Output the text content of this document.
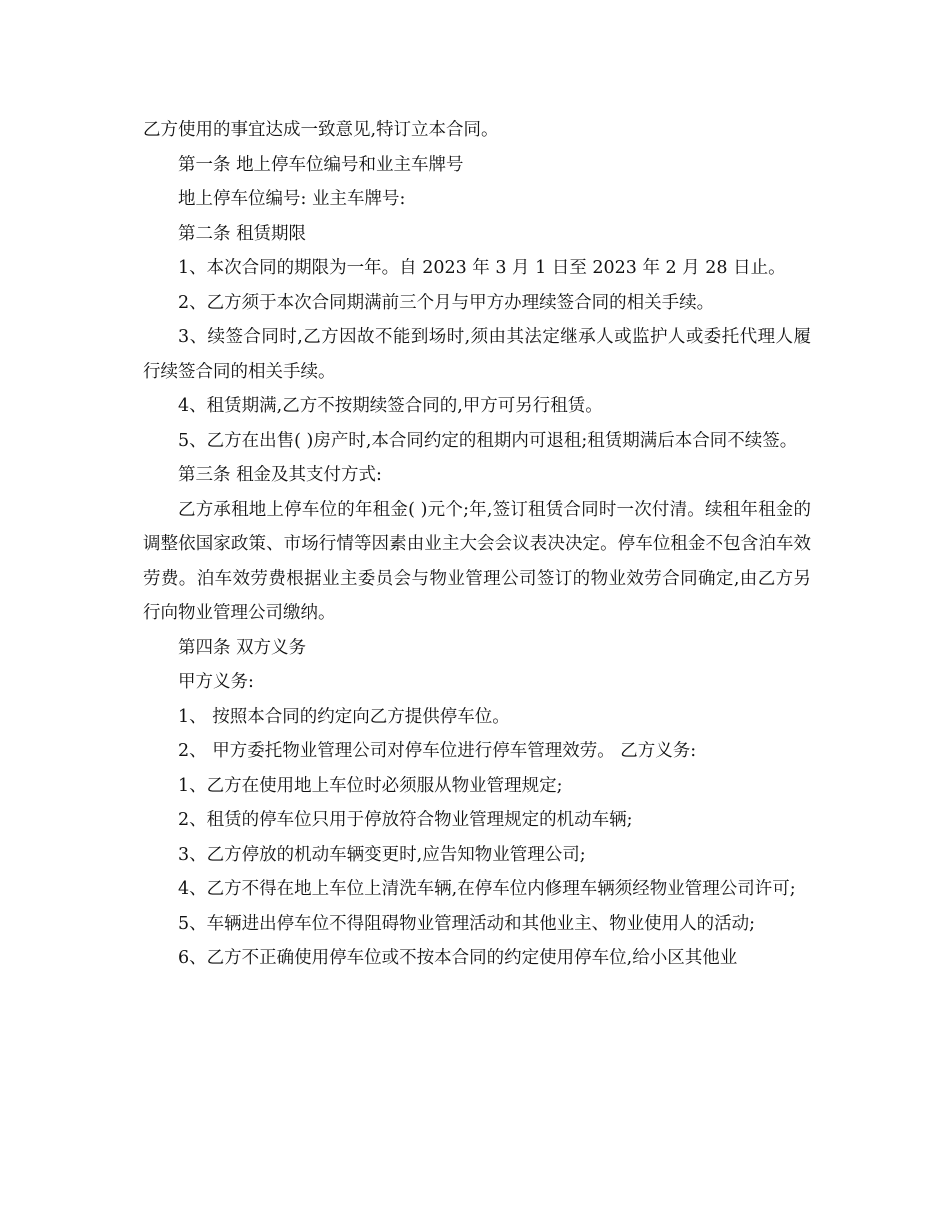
乙方使用的事宜达成一致意见,特订立本合同。

第一条 地上停车位编号和业主车牌号

地上停车位编号: 业主车牌号:

第二条 租赁期限

1、本次合同的期限为一年。自 2023 年 3 月 1 日至 2023 年 2 月 28 日止。

2、乙方须于本次合同期满前三个月与甲方办理续签合同的相关手续。

3、续签合同时,乙方因故不能到场时,须由其法定继承人或监护人或委托代理人履行续签合同的相关手续。

4、租赁期满,乙方不按期续签合同的,甲方可另行租赁。

5、乙方在出售( )房产时,本合同约定的租期内可退租;租赁期满后本合同不续签。

第三条 租金及其支付方式:

乙方承租地上停车位的年租金( )元个;年,签订租赁合同时一次付清。续租年租金的调整依国家政策、市场行情等因素由业主大会会议表决决定。停车位租金不包含泊车效劳费。泊车效劳费根据业主委员会与物业管理公司签订的物业效劳合同确定,由乙方另行向物业管理公司缴纳。

第四条 双方义务

甲方义务:

1、 按照本合同的约定向乙方提供停车位。

2、 甲方委托物业管理公司对停车位进行停车管理效劳。 乙方义务:

1、乙方在使用地上车位时必须服从物业管理规定;

2、租赁的停车位只用于停放符合物业管理规定的机动车辆;

3、乙方停放的机动车辆变更时,应告知物业管理公司;

4、乙方不得在地上车位上清洗车辆,在停车位内修理车辆须经物业管理公司许可;

5、车辆进出停车位不得阻碍物业管理活动和其他业主、物业使用人的活动;

6、乙方不正确使用停车位或不按本合同的约定使用停车位,给小区其他业
